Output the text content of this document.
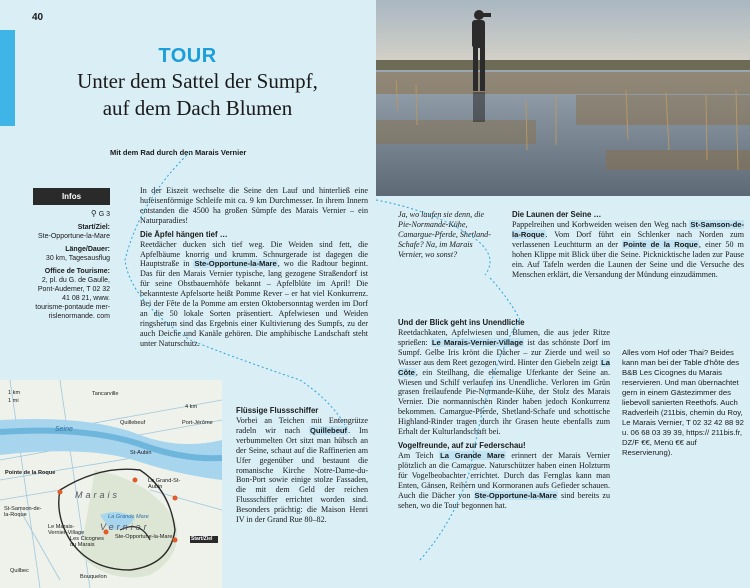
40
TOUR
Unter dem Sattel der Sumpf,
auf dem Dach Blumen
Mit dem Rad durch den Marais Vernier
Infos
⚲ G 3
Start/Ziel:
Ste-Opportune-la-Mare
Länge/Dauer:
30 km, Tagesausflug
Office de Tourisme:
2, pl. du G. de Gaulle, Pont-Audemer, T 02 32 41 08 21, www. tourisme-pontaude mer-rislenormande. com

In der Eiszeit wechselte die Seine den Lauf und hinterließ eine hufeisenförmige Schleife mit ca. 9 km Durchmesser. In ihrem Innern entstanden die 4500 ha großen Sümpfe des Marais Vernier – ein Naturparadies!

Die Äpfel hängen tief …

Reetdächer ducken sich tief weg. Die Weiden sind fett, die Apfelbäume knorrig und krumm. Schnurgerade ist dagegen die Hauptstraße in Ste-Opportune-la-Mare, wo die Radtour beginnt. Das für den Marais Vernier typische, lang gezogene Straßendorf ist für seine Obstbauernhöfe bekannt – Apfelblüte im April! Die bekannteste Apfelsorte heißt Pomme Rever – er hat viel Konkurrenz. Bei der Fête de la Pomme am ersten Oktobersonntag werden im Dorf an die 50 lokale Sorten präsentiert. Apfelwiesen und Weiden ringsherum sind das Ergebnis einer Kultivierung des Sumpfs, zu der auch Deiche und Kanäle gehören. Die amphibische Landschaft steht unter Naturschutz.

Flüssige Flussschiffer

Vorbei an Teichen mit Entengrütze radeln wir nach Quillebeuf. Im verbummelten Ort sitzt man hübsch an der Seine, schaut auf die Raffinerien am Ufer gegenüber und bestaunt die romanische Kirche Notre-Dame-du-Bon-Port sowie einige stolze Fassaden, die mit dem Geld der reichen Flussschiffer errichtet worden sind. Besonders prächtig: die Maison Henri IV in der Grand Rue 80–82.

Ja, wo laufen sie denn, die Pie-Normande-Kühe, Camargue-Pferde, Shetland-Schafe? Na, im Marais Vernier, wo sonst?
Die Launen der Seine …

Pappelreihen und Korbweiden weisen den Weg nach St-Samson-de-la-Roque. Vom Dorf führt ein Schlenker nach Norden zum verlassenen Leuchtturm an der Pointe de la Roque, einer 50 m hohen Klippe mit Blick über die Seine. Picknicktische laden zur Pause ein. Auf Tafeln werden die Launen der Seine und die Versuche des Menschen erklärt, die Versandung der Mündung einzudämmen.

Und der Blick geht ins Unendliche

Reetdachkaten, Apfelwiesen und Blumen, die aus jeder Ritze sprießen: Le Marais-Vernier-Village ist das schönste Dorf im Sumpf. Gelbe Iris krönt die Dächer – zur Zierde und weil so Wasser aus dem Reet gezogen wird. Hinter den Giebeln zeigt La Côte, ein Steilhang, die ehemalige Uferkante der Seine an. Wiesen und Schilf verlaufen ins Unendliche. Verloren im Grün grasen freilaufende Pie-Normande-Kühe, der Stolz des Marais Vernier. Die normannischen Rinder haben jedoch Konkurrenz bekommen. Camargue-Pferde, Shetland-Schafe und schottische Highland-Rinder tragen durch ihr Grasen heute ebenfalls zum Erhalt der Kulturlandschaft bei.

Vogelfreunde, auf zur Federschau!

Am Teich La Grande Mare erinnert der Marais Vernier plötzlich an die Camargue. Naturschützer haben einen Holzturm für Vogelbeobachter errichtet. Durch das Fernglas kann man Enten, Gänsen, Reihern und Kormoranen aufs Gefieder schauen. Auch die Dächer von Ste-Opportune-la-Mare sind bereits zu sehen, wo die Tour begonnen hat.

Alles vom Hof oder Thai? Beides kann man bei der Table d'hôte des B&B Les Cicognes du Marais reservieren. Und man übernachtet gern in einem Gästezimmer des liebevoll sanierten Reethofs. Auch Radverleih (211bis, chemin du Roy, Le Marais Vernier, T 02 32 42 88 92 u. 06 68 03 39 39, https:// 211bis.fr, DZ/F €€, Menü €€ auf Reservierung).
Tancarville
4 km
Quillebeuf	Port-Jérôme
Seine
St-Aubin
Pointe de la Roque
Marais
Vernier
Le Grand-St-Aubin
La Grande Mare
St-Samson-de-la-Roque
Le Marais-Vernier-Village
Les Cicognes du Marais
Ste-Opportune-la-Mare	Start/Ziel
Quilbec
Bouquelon
1 km
1 mi
